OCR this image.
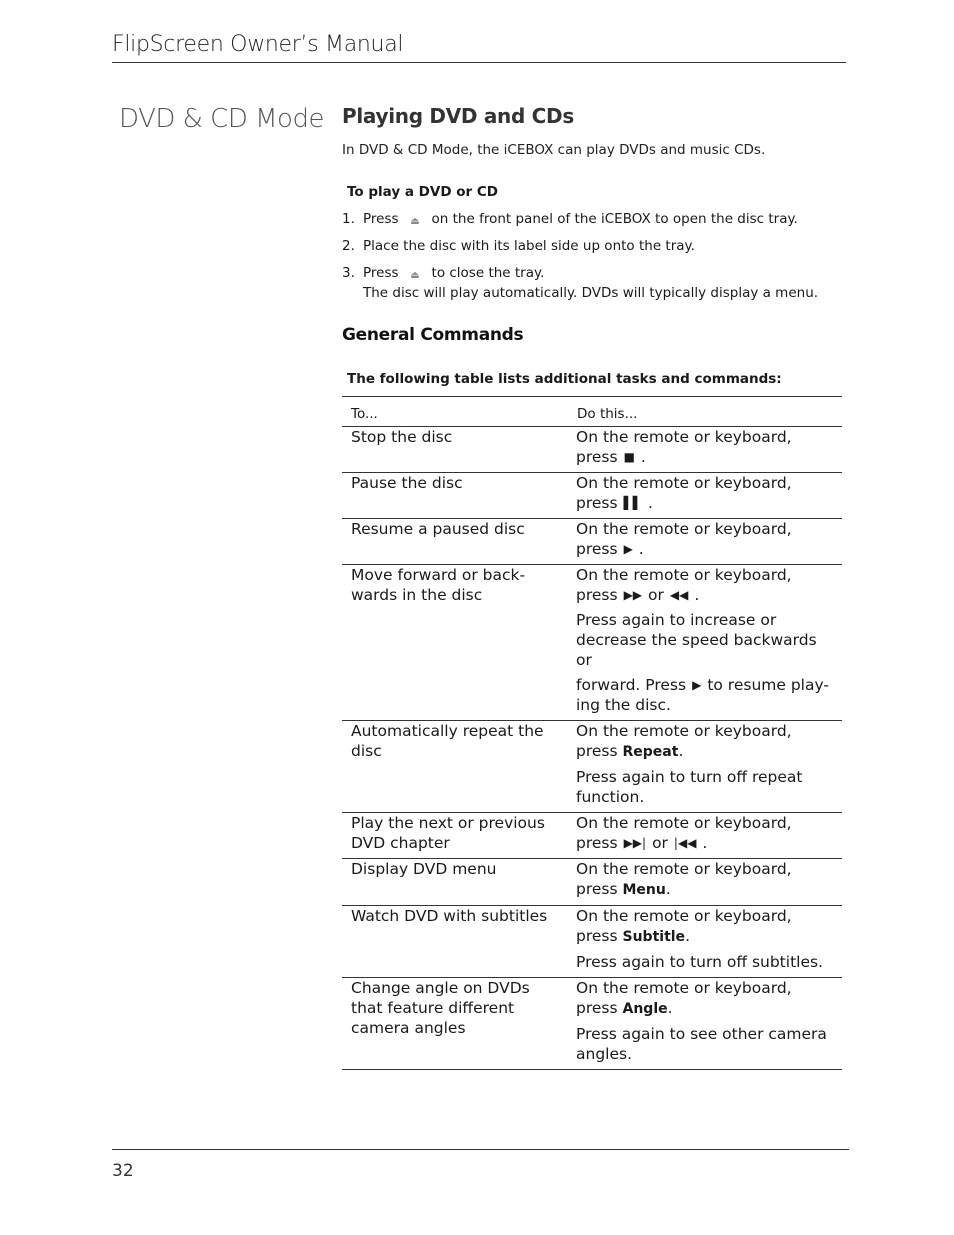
FlipScreen Owner’s Manual
DVD & CD Mode Playing DVD and CDs
In DVD & CD Mode, the iCEBOX can play DVDs and music CDs.
To play a DVD or CD
1. Press ⏏ on the front panel of the iCEBOX to open the disc tray.
2. Place the disc with its label side up onto the tray.
3. Press ⏏ to close the tray.
The disc will play automatically. DVDs will typically display a menu.
General Commands
The following table lists additional tasks and commands:
To...	Do this...
Stop the disc	On the remote or keyboard,
press ■ .

Pause the disc	On the remote or keyboard,
press ▌▌ .

Resume a paused disc	On the remote or keyboard,
press ▶ .

Move forward or back-wards in the disc	On the remote or keyboard,
press ▶▶ or ◀◀ .
Press again to increase or decrease the speed backwards or
forward. Press ▶ to resume play-ing the disc.

Automatically repeat the disc	On the remote or keyboard,
press Repeat.
Press again to turn off repeat function.

Play the next or previous DVD chapter	On the remote or keyboard,
press ▶▶| or |◀◀ .

Display DVD menu	On the remote or keyboard,
press Menu.

Watch DVD with subtitles	On the remote or keyboard,
press Subtitle.
Press again to turn off subtitles.

Change angle on DVDs that feature different camera angles	On the remote or keyboard,
press Angle.
Press again to see other camera angles.
32
